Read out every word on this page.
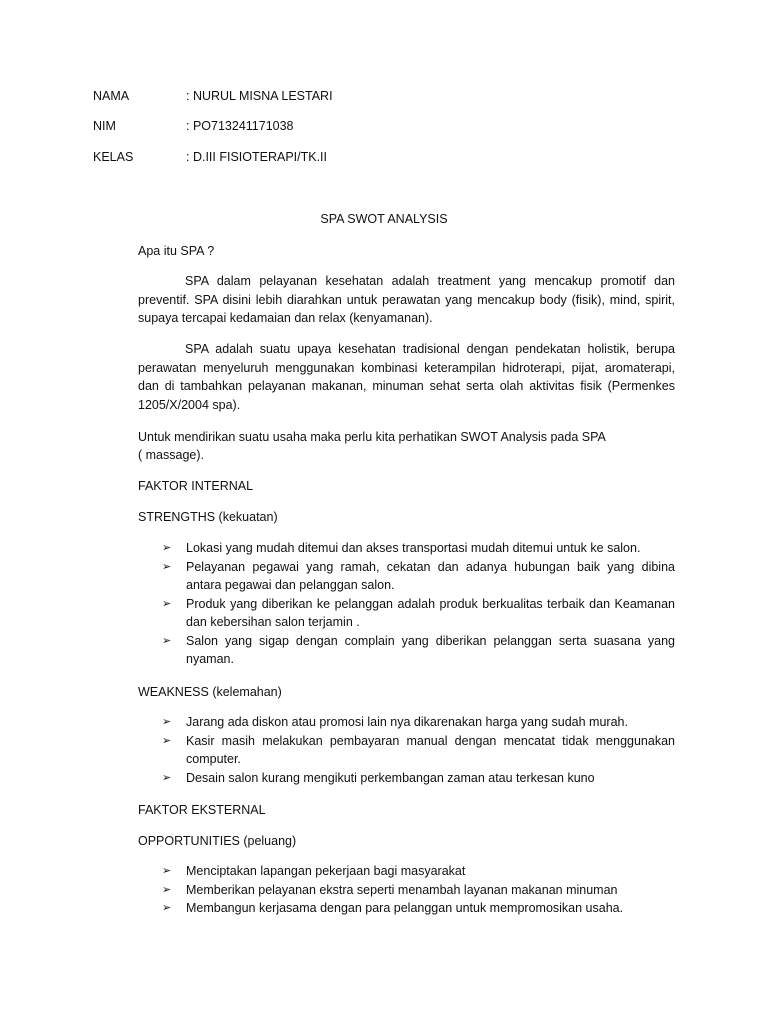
NAMA	: NURUL MISNA LESTARI
NIM	: PO713241171038
KELAS	: D.III FISIOTERAPI/TK.II
SPA SWOT ANALYSIS
Apa itu SPA ?
SPA dalam pelayanan kesehatan adalah treatment yang mencakup promotif dan preventif. SPA disini lebih diarahkan untuk perawatan yang mencakup body (fisik), mind, spirit, supaya tercapai kedamaian dan relax (kenyamanan).
SPA adalah suatu upaya kesehatan tradisional dengan pendekatan holistik, berupa perawatan menyeluruh menggunakan kombinasi keterampilan hidroterapi, pijat, aromaterapi, dan di tambahkan pelayanan makanan, minuman sehat serta olah aktivitas fisik (Permenkes 1205/X/2004 spa).
Untuk mendirikan suatu usaha maka perlu kita perhatikan SWOT Analysis pada SPA
( massage).
FAKTOR INTERNAL
STRENGTHS (kekuatan)
➢ Lokasi yang mudah ditemui dan akses transportasi mudah ditemui untuk ke salon.
➢ Pelayanan pegawai yang ramah, cekatan dan adanya hubungan baik yang dibina antara pegawai dan pelanggan salon.
➢ Produk yang diberikan ke pelanggan adalah produk berkualitas terbaik dan Keamanan dan kebersihan salon terjamin .
➢ Salon yang sigap dengan complain yang diberikan pelanggan serta suasana yang nyaman.
WEAKNESS (kelemahan)
➢ Jarang ada diskon atau promosi lain nya dikarenakan harga yang sudah murah.
➢ Kasir masih melakukan pembayaran manual dengan mencatat tidak menggunakan computer.
➢ Desain salon kurang mengikuti perkembangan zaman atau terkesan kuno
FAKTOR EKSTERNAL
OPPORTUNITIES (peluang)
➢ Menciptakan lapangan pekerjaan bagi masyarakat
➢ Memberikan pelayanan ekstra seperti menambah layanan makanan minuman
➢ Membangun kerjasama dengan para pelanggan untuk mempromosikan usaha.
